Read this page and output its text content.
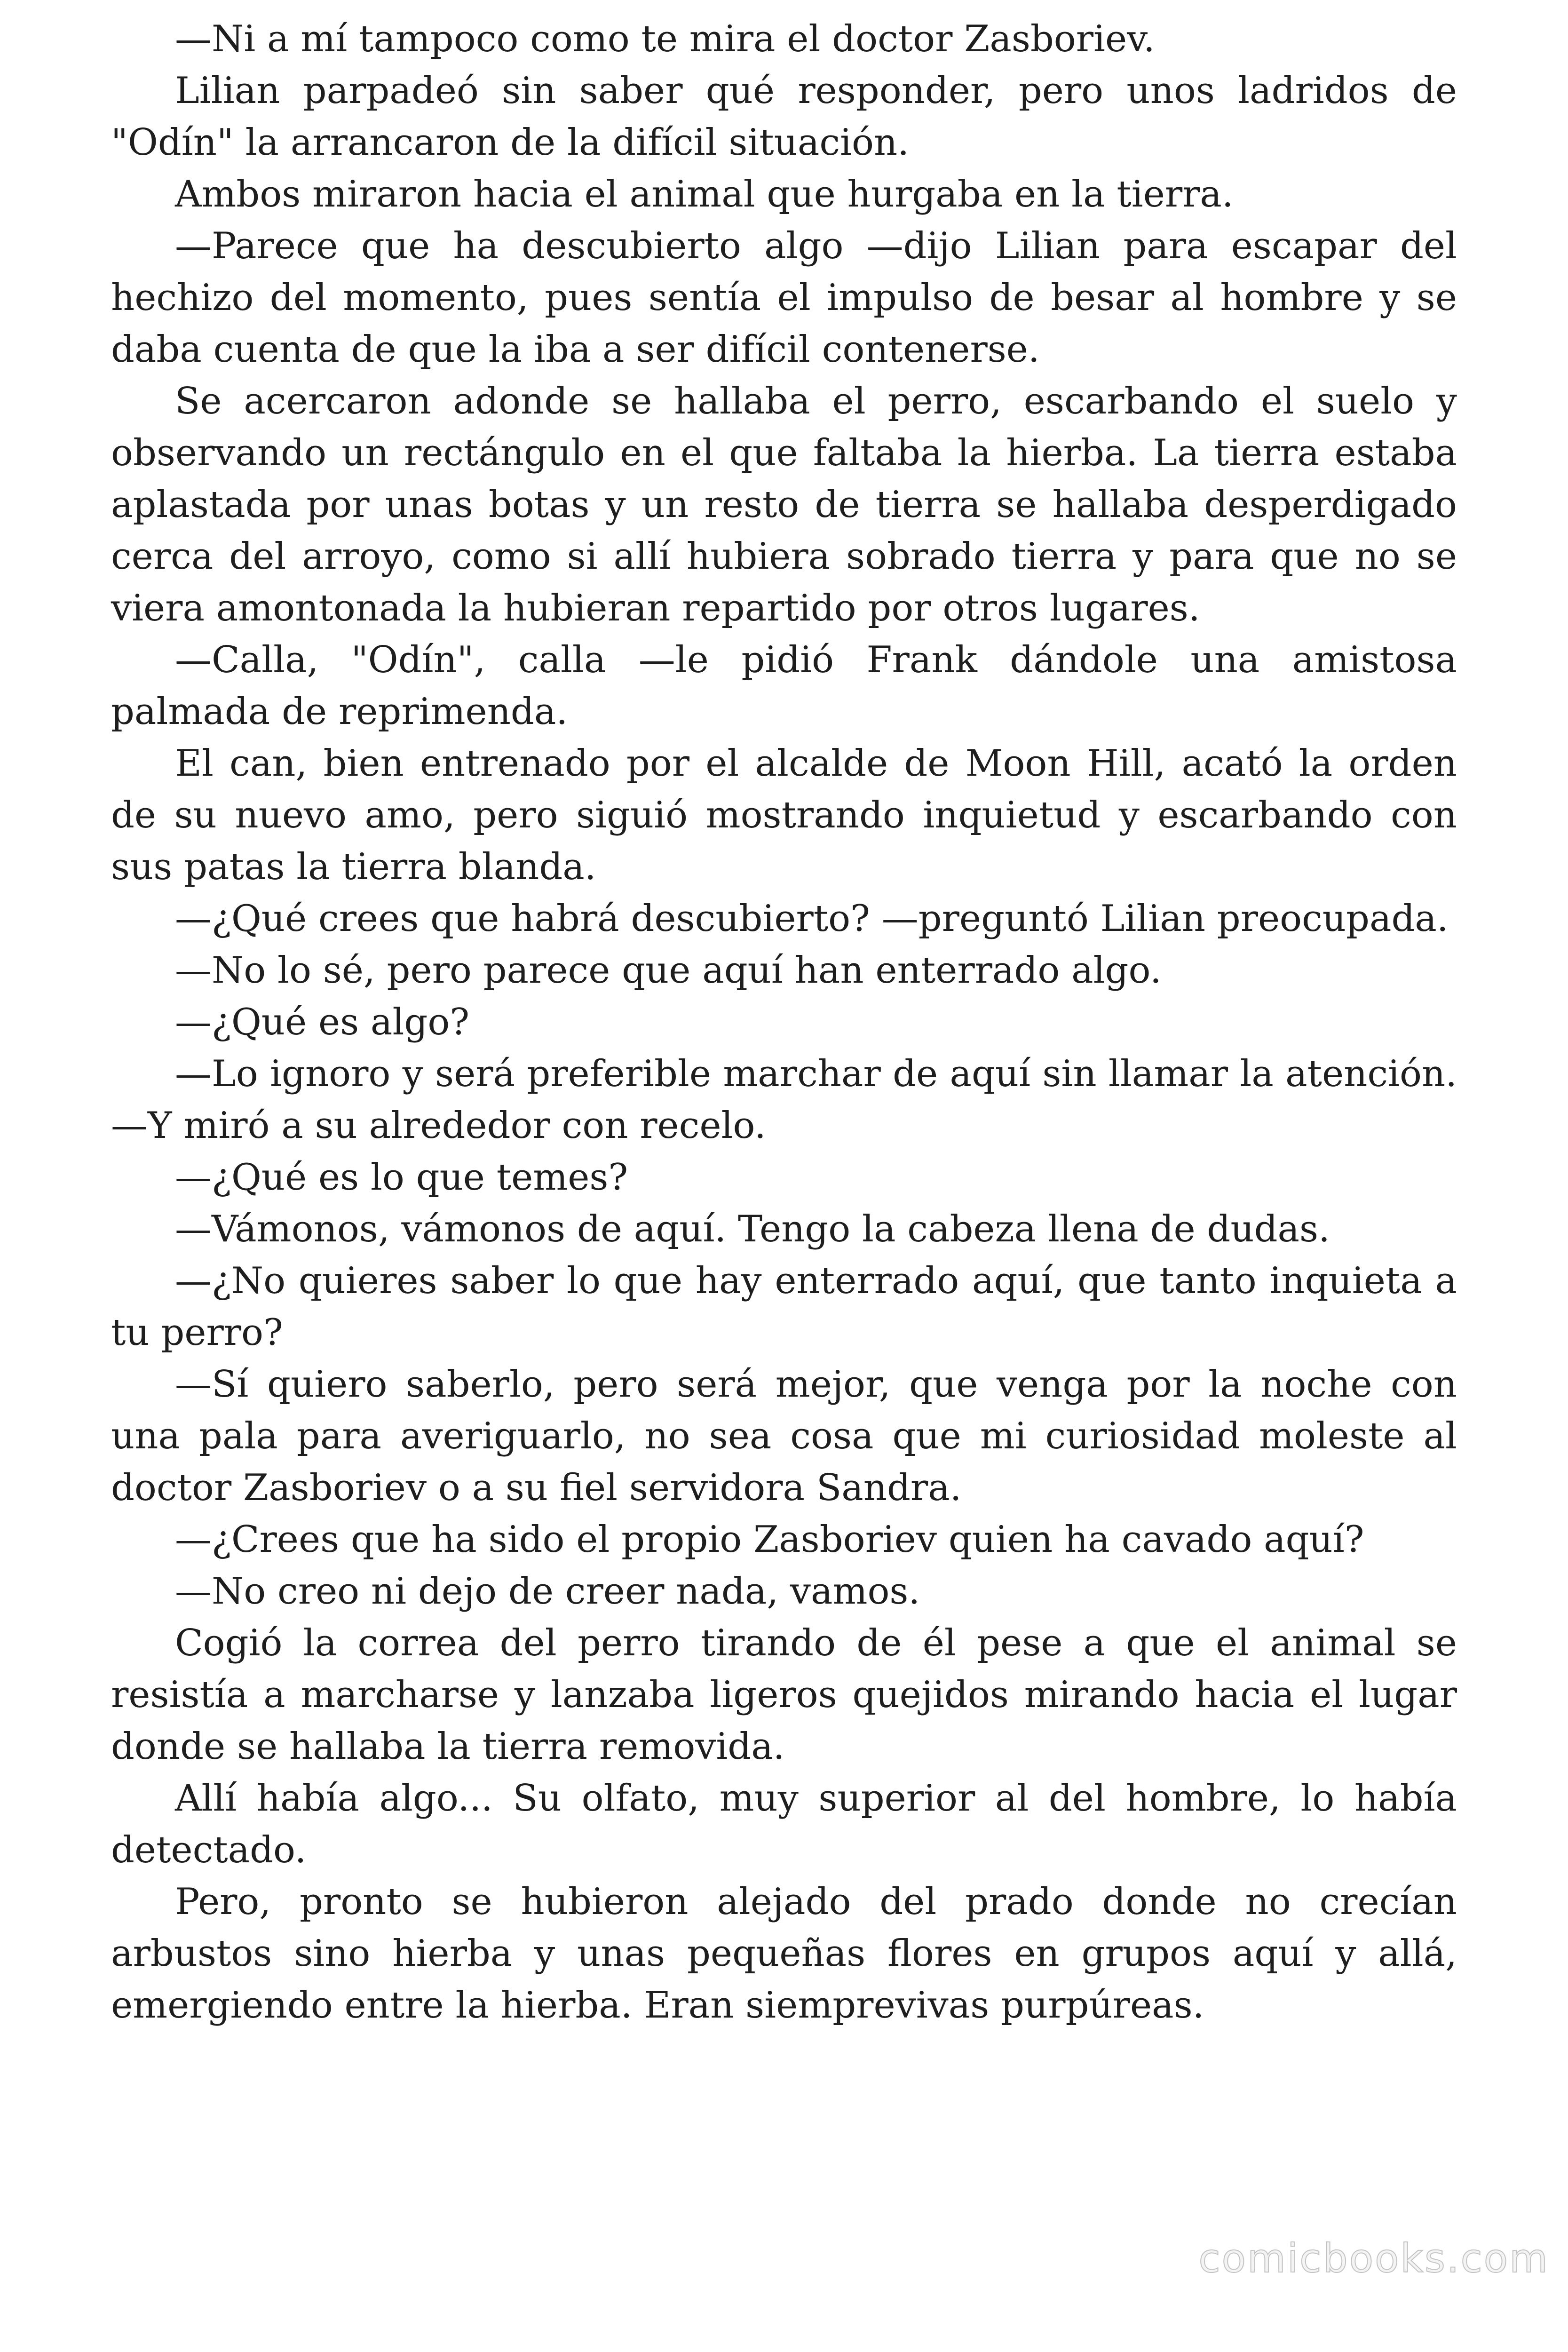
—Ni a mí tampoco como te mira el doctor Zasboriev.

Lilian parpadeó sin saber qué responder, pero unos ladridos de "Odín" la arrancaron de la difícil situación.

Ambos miraron hacia el animal que hurgaba en la tierra.

—Parece que ha descubierto algo —dijo Lilian para escapar del hechizo del momento, pues sentía el impulso de besar al hombre y se daba cuenta de que la iba a ser difícil contenerse.

Se acercaron adonde se hallaba el perro, escarbando el suelo y observando un rectángulo en el que faltaba la hierba. La tierra estaba aplastada por unas botas y un resto de tierra se hallaba desperdigado cerca del arroyo, como si allí hubiera sobrado tierra y para que no se viera amontonada la hubieran repartido por otros lugares.

—Calla, "Odín", calla —le pidió Frank dándole una amistosa palmada de reprimenda.

El can, bien entrenado por el alcalde de Moon Hill, acató la orden de su nuevo amo, pero siguió mostrando inquietud y escarbando con sus patas la tierra blanda.

—¿Qué crees que habrá descubierto? —preguntó Lilian preocupada.

—No lo sé, pero parece que aquí han enterrado algo.

—¿Qué es algo?

—Lo ignoro y será preferible marchar de aquí sin llamar la atención. —Y miró a su alrededor con recelo.

—¿Qué es lo que temes?

—Vámonos, vámonos de aquí. Tengo la cabeza llena de dudas.

—¿No quieres saber lo que hay enterrado aquí, que tanto inquieta a tu perro?

—Sí quiero saberlo, pero será mejor, que venga por la noche con una pala para averiguarlo, no sea cosa que mi curiosidad moleste al doctor Zasboriev o a su fiel servidora Sandra.

—¿Crees que ha sido el propio Zasboriev quien ha cavado aquí?

—No creo ni dejo de creer nada, vamos.

Cogió la correa del perro tirando de él pese a que el animal se resistía a marcharse y lanzaba ligeros quejidos mirando hacia el lugar donde se hallaba la tierra removida.

Allí había algo... Su olfato, muy superior al del hombre, lo había detectado.

Pero, pronto se hubieron alejado del prado donde no crecían arbustos sino hierba y unas pequeñas flores en grupos aquí y allá, emergiendo entre la hierba. Eran siemprevivas purpúreas.

comicbooks.com
